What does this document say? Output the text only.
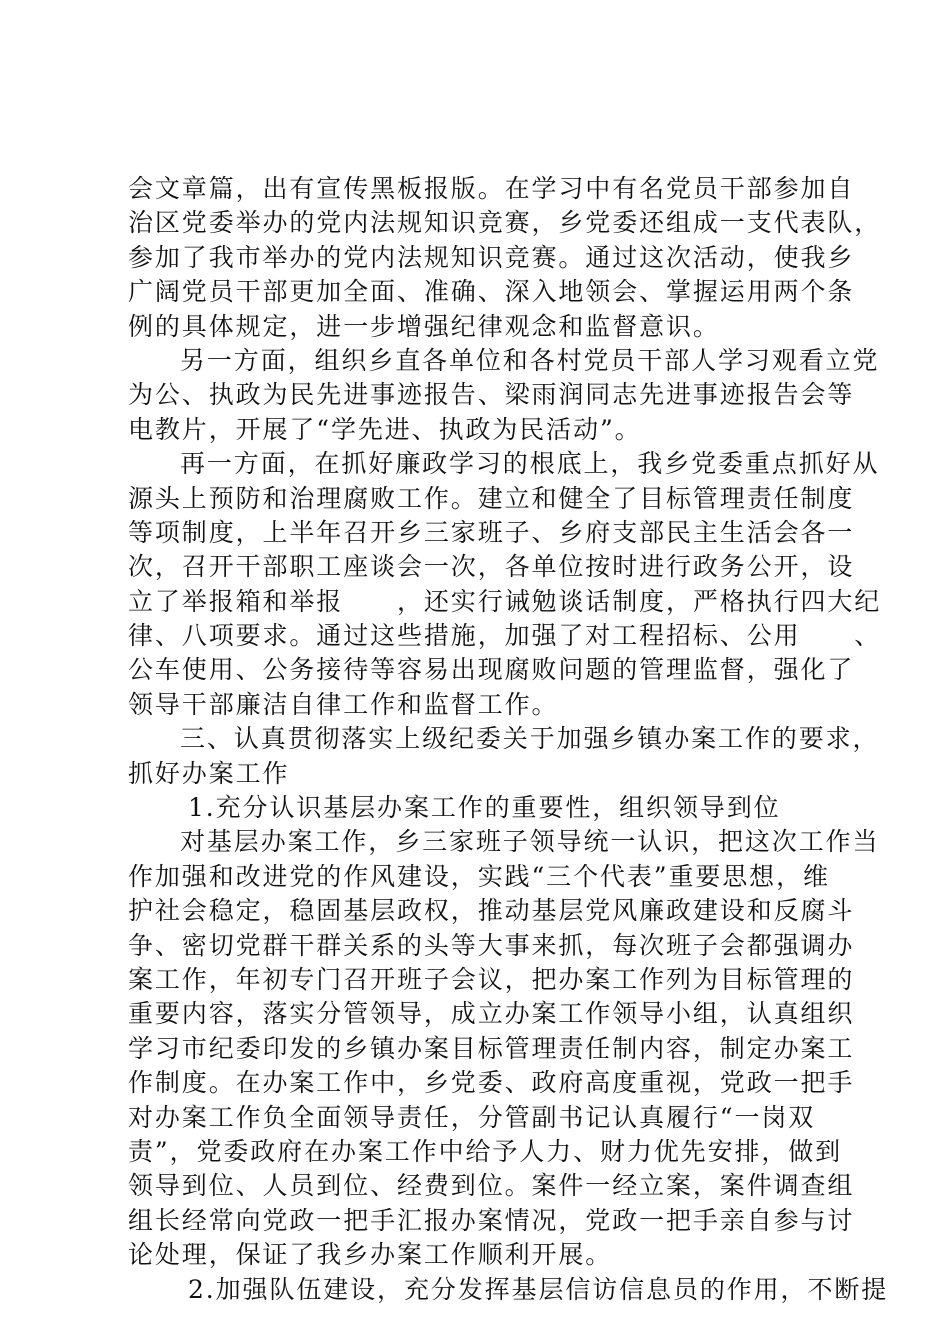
会文章篇，出有宣传黑板报版。在学习中有名党员干部参加自
治区党委举办的党内法规知识竞赛，乡党委还组成一支代表队，
参加了我市举办的党内法规知识竞赛。通过这次活动，使我乡
广阔党员干部更加全面、准确、深入地领会、掌握运用两个条
例的具体规定，进一步增强纪律观念和监督意识。
另一方面，组织乡直各单位和各村党员干部人学习观看立党
为公、执政为民先进事迹报告、梁雨润同志先进事迹报告会等
电教片，开展了“学先进、执政为民活动”。
再一方面，在抓好廉政学习的根底上，我乡党委重点抓好从
源头上预防和治理腐败工作。建立和健全了目标管理责任制度
等项制度，上半年召开乡三家班子、乡府支部民主生活会各一
次，召开干部职工座谈会一次，各单位按时进行政务公开，设
立了举报箱和举报　　，还实行诫勉谈话制度，严格执行四大纪
律、八项要求。通过这些措施，加强了对工程招标、公用　　、
公车使用、公务接待等容易出现腐败问题的管理监督，强化了
领导干部廉洁自律工作和监督工作。
三、认真贯彻落实上级纪委关于加强乡镇办案工作的要求，
抓好办案工作
1.充分认识基层办案工作的重要性，组织领导到位
对基层办案工作，乡三家班子领导统一认识，把这次工作当
作加强和改进党的作风建设，实践“三个代表”重要思想，维
护社会稳定，稳固基层政权，推动基层党风廉政建设和反腐斗
争、密切党群干群关系的头等大事来抓，每次班子会都强调办
案工作，年初专门召开班子会议，把办案工作列为目标管理的
重要内容，落实分管领导，成立办案工作领导小组，认真组织
学习市纪委印发的乡镇办案目标管理责任制内容，制定办案工
作制度。在办案工作中，乡党委、政府高度重视，党政一把手
对办案工作负全面领导责任，分管副书记认真履行“一岗双
责”，党委政府在办案工作中给予人力、财力优先安排，做到
领导到位、人员到位、经费到位。案件一经立案，案件调查组
组长经常向党政一把手汇报办案情况，党政一把手亲自参与讨
论处理，保证了我乡办案工作顺利开展。
2.加强队伍建设，充分发挥基层信访信息员的作用，不断提
